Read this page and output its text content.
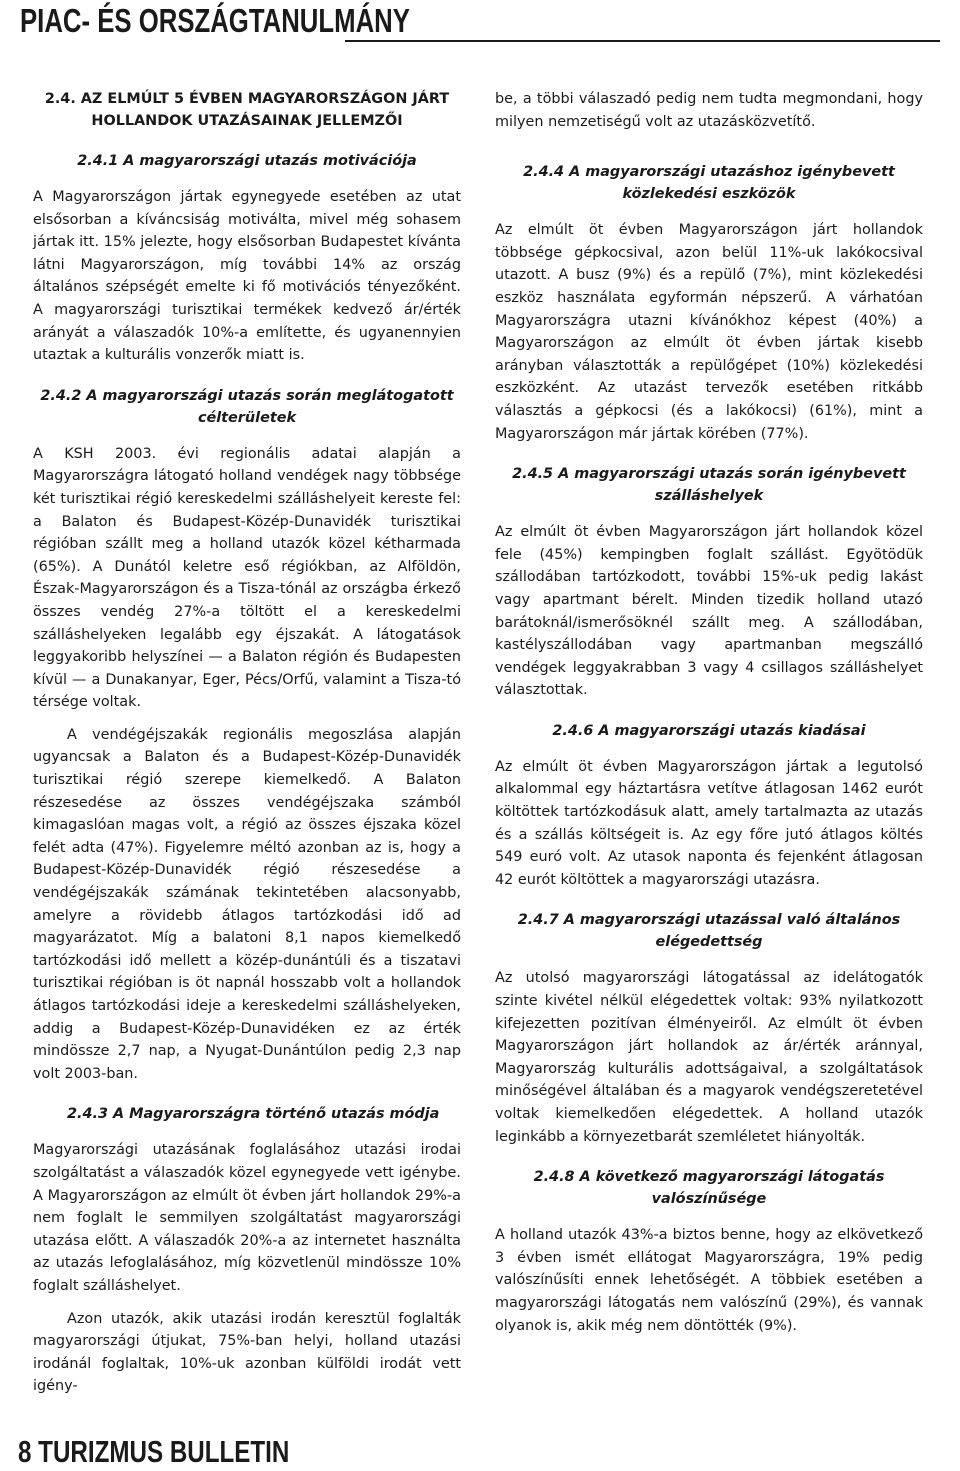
PIAC- ÉS ORSZÁGTANULMÁNY
2.4. AZ ELMÚLT 5 ÉVBEN MAGYARORSZÁGON JÁRT HOLLANDOK UTAZÁSAINAK JELLEMZŐI
2.4.1 A magyarországi utazás motivációja

A Magyarországon jártak egynegyede esetében az utat elsősorban a kíváncsiság motiválta, mivel még sohasem jártak itt. 15% jelezte, hogy elsősorban Budapestet kívánta látni Magyarországon, míg további 14% az ország általános szépségét emelte ki fő motivációs tényezőként. A magyarországi turisztikai termékek kedvező ár/érték arányát a válaszadók 10%-a említette, és ugyanennyien utaztak a kulturális vonzerők miatt is.

2.4.2 A magyarországi utazás során meglátogatott célterületek

A KSH 2003. évi regionális adatai alapján a Magyarországra látogató holland vendégek nagy többsége két turisztikai régió kereskedelmi szálláshelyeit kereste fel: a Balaton és Budapest-Közép-Dunavidék turisztikai régióban szállt meg a holland utazók közel kétharmada (65%). A Dunától keletre eső régiókban, az Alföldön, Észak-Magyarországon és a Tisza-tónál az országba érkező összes vendég 27%-a töltött el a kereskedelmi szálláshelyeken legalább egy éjszakát. A látogatások leggyakoribb helyszínei — a Balaton régión és Budapesten kívül — a Dunakanyar, Eger, Pécs/Orfű, valamint a Tisza-tó térsége voltak.

A vendégéjszakák regionális megoszlása alapján ugyancsak a Balaton és a Budapest-Közép-Dunavidék turisztikai régió szerepe kiemelkedő. A Balaton részesedése az összes vendégéjszaka számból kimagaslóan magas volt, a régió az összes éjszaka közel felét adta (47%). Figyelemre méltó azonban az is, hogy a Budapest-Közép-Dunavidék régió részesedése a vendégéjszakák számának tekintetében alacsonyabb, amelyre a rövidebb átlagos tartózkodási idő ad magyarázatot. Míg a balatoni 8,1 napos kiemelkedő tartózkodási idő mellett a közép-dunántúli és a tiszatavi turisztikai régióban is öt napnál hosszabb volt a hollandok átlagos tartózkodási ideje a kereskedelmi szálláshelyeken, addig a Budapest-Közép-Dunavidéken ez az érték mindössze 2,7 nap, a Nyugat-Dunántúlon pedig 2,3 nap volt 2003-ban.

2.4.3 A Magyarországra történő utazás módja

Magyarországi utazásának foglalásához utazási irodai szolgáltatást a válaszadók közel egynegyede vett igénybe. A Magyarországon az elmúlt öt évben járt hollandok 29%-a nem foglalt le semmilyen szolgáltatást magyarországi utazása előtt. A válaszadók 20%-a az internetet használta az utazás lefoglalásához, míg közvetlenül mindössze 10% foglalt szálláshelyet.

Azon utazók, akik utazási irodán keresztül foglalták magyarországi útjukat, 75%-ban helyi, holland utazási irodánál foglaltak, 10%-uk azonban külföldi irodát vett igény-

be, a többi válaszadó pedig nem tudta megmondani, hogy milyen nemzetiségű volt az utazásközvetítő.

2.4.4 A magyarországi utazáshoz igénybevett közlekedési eszközök

Az elmúlt öt évben Magyarországon járt hollandok többsége gépkocsival, azon belül 11%-uk lakókocsival utazott. A busz (9%) és a repülő (7%), mint közlekedési eszköz használata egyformán népszerű. A várhatóan Magyarországra utazni kívánókhoz képest (40%) a Magyarországon az elmúlt öt évben jártak kisebb arányban választották a repülőgépet (10%) közlekedési eszközként. Az utazást tervezők esetében ritkább választás a gépkocsi (és a lakókocsi) (61%), mint a Magyarországon már jártak körében (77%).

2.4.5 A magyarországi utazás során igénybevett szálláshelyek

Az elmúlt öt évben Magyarországon járt hollandok közel fele (45%) kempingben foglalt szállást. Egyötödük szállodában tartózkodott, további 15%-uk pedig lakást vagy apartmant bérelt. Minden tizedik holland utazó barátoknál/ismerősöknél szállt meg. A szállodában, kastélyszállodában vagy apartmanban megszálló vendégek leggyakrabban 3 vagy 4 csillagos szálláshelyet választottak.

2.4.6 A magyarországi utazás kiadásai

Az elmúlt öt évben Magyarországon jártak a legutolsó alkalommal egy háztartásra vetítve átlagosan 1462 eurót költöttek tartózkodásuk alatt, amely tartalmazta az utazás és a szállás költségeit is. Az egy főre jutó átlagos költés 549 euró volt. Az utasok naponta és fejenként átlagosan 42 eurót költöttek a magyarországi utazásra.

2.4.7 A magyarországi utazással való általános elégedettség

Az utolsó magyarországi látogatással az idelátogatók szinte kivétel nélkül elégedettek voltak: 93% nyilatkozott kifejezetten pozitívan élményeiről. Az elmúlt öt évben Magyarországon járt hollandok az ár/érték aránnyal, Magyarország kulturális adottságaival, a szolgáltatások minőségével általában és a magyarok vendégszeretetével voltak kiemelkedően elégedettek. A holland utazók leginkább a környezetbarát szemléletet hiányolták.

2.4.8 A következő magyarországi látogatás valószínűsége

A holland utazók 43%-a biztos benne, hogy az elkövetkező 3 évben ismét ellátogat Magyarországra, 19% pedig valószínűsíti ennek lehetőségét. A többiek esetében a magyarországi látogatás nem valószínű (29%), és vannak olyanok is, akik még nem döntötték (9%).

8 TURIZMUS BULLETIN
